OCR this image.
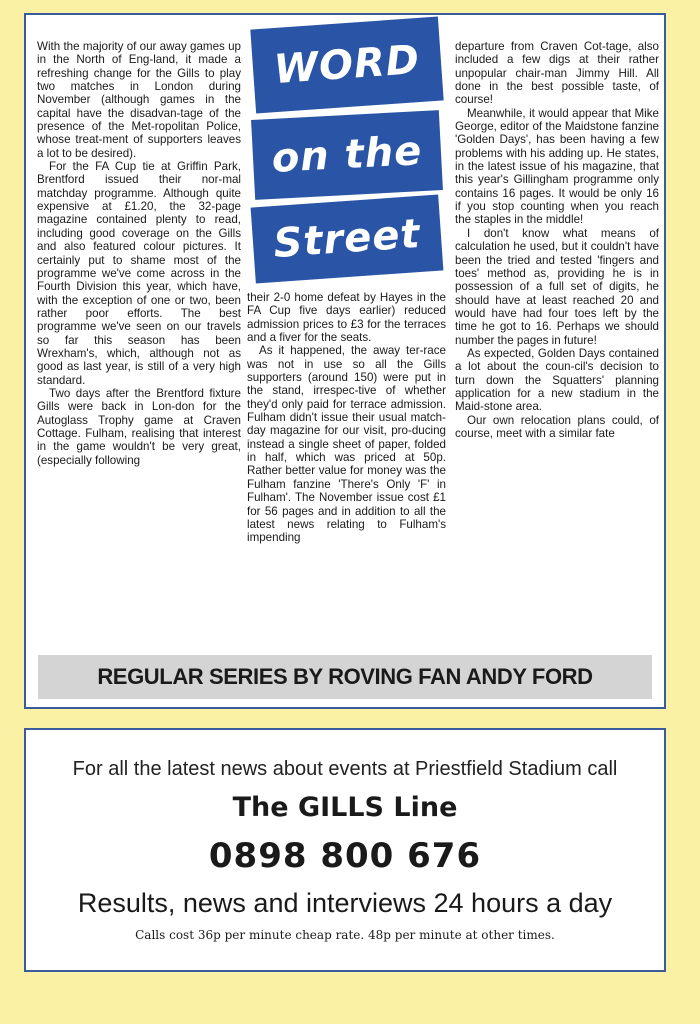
With the majority of our away games up in the North of Eng-land, it made a refreshing change for the Gills to play two matches in London during November (although games in the capital have the disadvan-tage of the presence of the Met-ropolitan Police, whose treat-ment of supporters leaves a lot to be desired).

For the FA Cup tie at Griffin Park, Brentford issued their nor-mal matchday programme. Although quite expensive at £1.20, the 32-page magazine contained plenty to read, including good coverage on the Gills and also featured colour pictures. It certainly put to shame most of the programme we've come across in the Fourth Division this year, which have, with the exception of one or two, been rather poor efforts. The best programme we've seen on our travels so far this season has been Wrexham's, which, although not as good as last year, is still of a very high standard.

Two days after the Brentford fixture Gills were back in Lon-don for the Autoglass Trophy game at Craven Cottage. Fulham, realising that interest in the game wouldn't be very great, (especially following

WORD
on the
Street

their 2-0 home defeat by Hayes in the FA Cup five days earlier) reduced admission prices to £3 for the terraces and a fiver for the seats.

As it happened, the away ter-race was not in use so all the Gills supporters (around 150) were put in the stand, irrespec-tive of whether they'd only paid for terrace admission. Fulham didn't issue their usual match-day magazine for our visit, pro-ducing instead a single sheet of paper, folded in half, which was priced at 50p. Rather better value for money was the Fulham fanzine 'There's Only 'F' in Fulham'. The November issue cost £1 for 56 pages and in addition to all the latest news relating to Fulham's impending

departure from Craven Cot-tage, also included a few digs at their rather unpopular chair-man Jimmy Hill. All done in the best possible taste, of course!

Meanwhile, it would appear that Mike George, editor of the Maidstone fanzine 'Golden Days', has been having a few problems with his adding up. He states, in the latest issue of his magazine, that this year's Gillingham programme only contains 16 pages. It would be only 16 if you stop counting when you reach the staples in the middle!

I don't know what means of calculation he used, but it couldn't have been the tried and tested 'fingers and toes' method as, providing he is in possession of a full set of digits, he should have at least reached 20 and would have had four toes left by the time he got to 16. Perhaps we should number the pages in future!

As expected, Golden Days contained a lot about the coun-cil's decision to turn down the Squatters' planning application for a new stadium in the Maid-stone area.

Our own relocation plans could, of course, meet with a similar fate

REGULAR SERIES BY ROVING FAN ANDY FORD
For all the latest news about events at Priestfield Stadium call
The GILLS Line
0898 800 676
Results, news and interviews 24 hours a day
Calls cost 36p per minute cheap rate. 48p per minute at other times.
